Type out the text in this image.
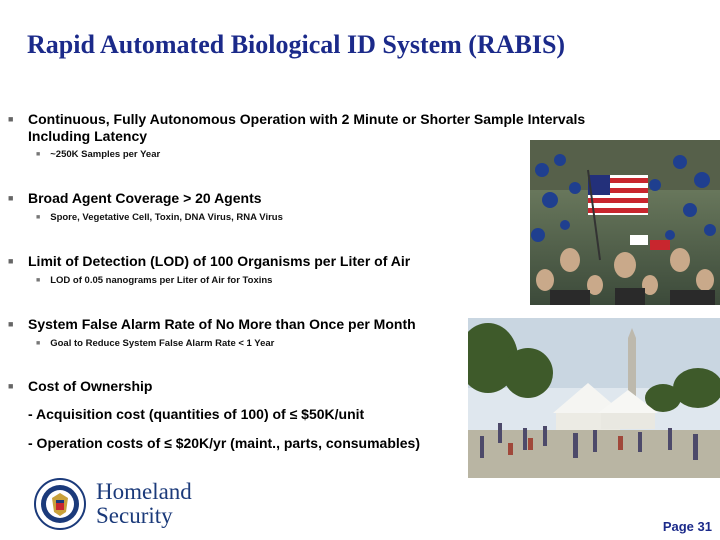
Rapid Automated Biological ID System (RABIS)
■ Continuous, Fully Autonomous Operation with 2 Minute or Shorter Sample Intervals
Including Latency
■ ~250K Samples per Year
■ Broad Agent Coverage > 20 Agents
■ Spore, Vegetative Cell, Toxin, DNA Virus, RNA Virus
■ Limit of Detection (LOD) of 100 Organisms per Liter of Air
■ LOD of 0.05 nanograms per Liter of Air for Toxins
■ System False Alarm Rate of No More than Once per Month
■ Goal to Reduce System False Alarm Rate < 1 Year
■ Cost of Ownership
- Acquisition cost (quantities of 100) of ≤ $50K/unit
- Operation costs of ≤ $20K/yr (maint., parts, consumables)
Homeland
Security	Page 31
